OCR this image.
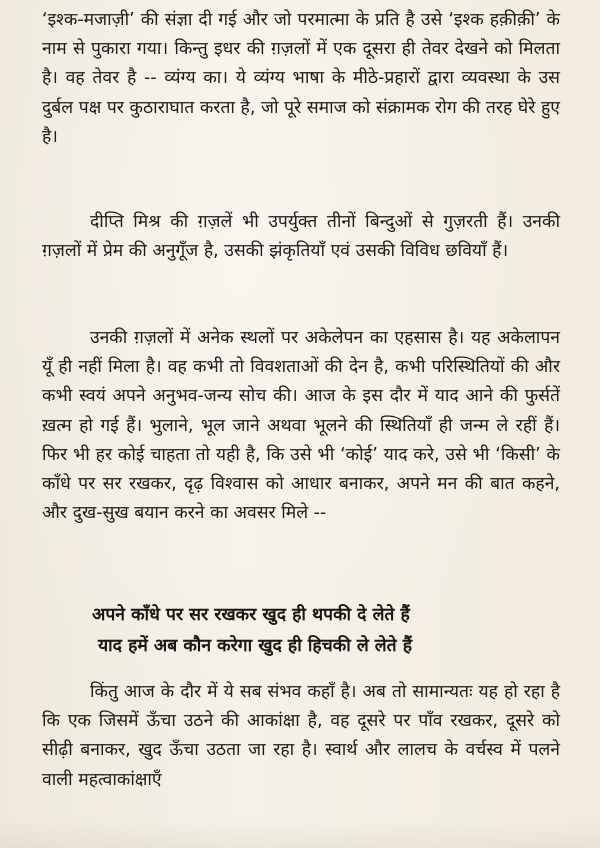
‘इश्क-मजाज़ी’ की संज्ञा दी गई और जो परमात्मा के प्रति है उसे ‘इश्क हक़ीक़ी’ के नाम से पुकारा गया। किन्तु इधर की ग़ज़लों में एक दूसरा ही तेवर देखने को मिलता है। वह तेवर है -- व्यंग्य का। ये व्यंग्य भाषा के मीठे-प्रहारों द्वारा व्यवस्था के उस दुर्बल पक्ष पर कुठाराघात करता है, जो पूरे समाज को संक्रामक रोग की तरह घेरे हुए है।

दीप्ति मिश्र की ग़ज़लें भी उपर्युक्त तीनों बिन्दुओं से गुज़रती हैं। उनकी ग़ज़लों में प्रेम की अनुगूँज है, उसकी झंकृतियाँ एवं उसकी विविध छवियाँ हैं।

उनकी ग़ज़लों में अनेक स्थलों पर अकेलेपन का एहसास है। यह अकेलापन यूँ ही नहीं मिला है। वह कभी तो विवशताओं की देन है, कभी परिस्थितियों की और कभी स्वयं अपने अनुभव-जन्य सोच की। आज के इस दौर में याद आने की फुर्सतें ख़त्म हो गई हैं। भुलाने, भूल जाने अथवा भूलने की स्थितियाँ ही जन्म ले रहीं हैं। फिर भी हर कोई चाहता तो यही है, कि उसे भी ‘कोई’ याद करे, उसे भी ‘किसी’ के काँधे पर सर रखकर, दृढ़ विश्वास को आधार बनाकर, अपने मन की बात कहने, और दुख-सुख बयान करने का अवसर मिले --

अपने काँधे पर सर रखकर खुद ही थपकी दे लेते हैं
याद हमें अब कौन करेगा खुद ही हिचकी ले लेते हैं

किंतु आज के दौर में ये सब संभव कहाँ है। अब तो सामान्यतः यह हो रहा है कि एक जिसमें ऊँचा उठने की आकांक्षा है, वह दूसरे पर पाँव रखकर, दूसरे को सीढ़ी बनाकर, खुद ऊँचा उठता जा रहा है। स्वार्थ और लालच के वर्चस्व में पलने वाली महत्वाकांक्षाएँ
